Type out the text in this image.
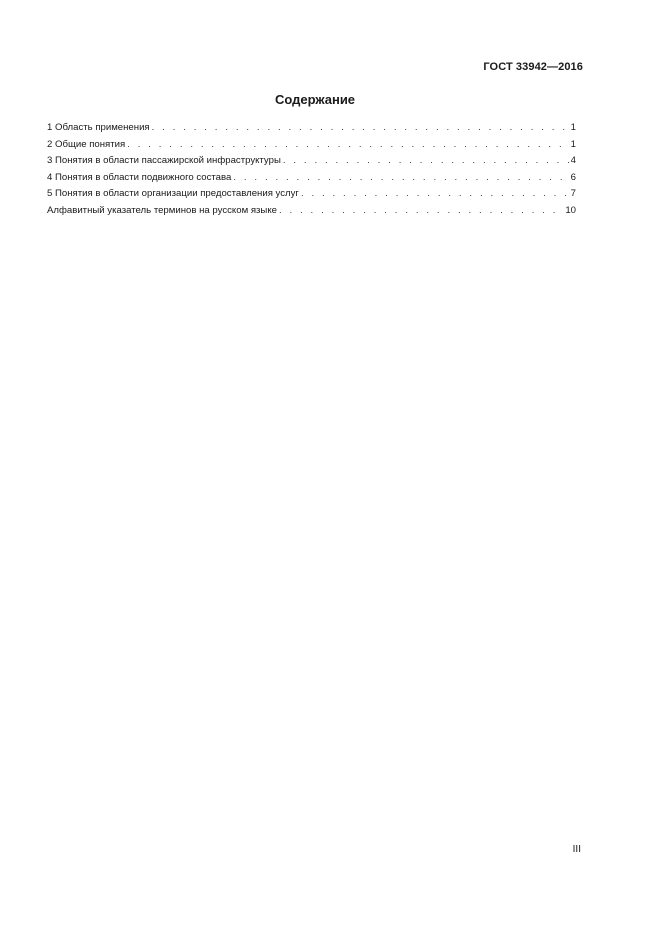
ГОСТ 33942—2016
Содержание
1 Область применения . . .	1
2 Общие понятия . . .	1
3 Понятия в области пассажирской инфраструктуры . . .	4
4 Понятия в области подвижного состава . . .	6
5 Понятия в области организации предоставления услуг . . .	7
Алфавитный указатель терминов на русском языке . . .	10
III
